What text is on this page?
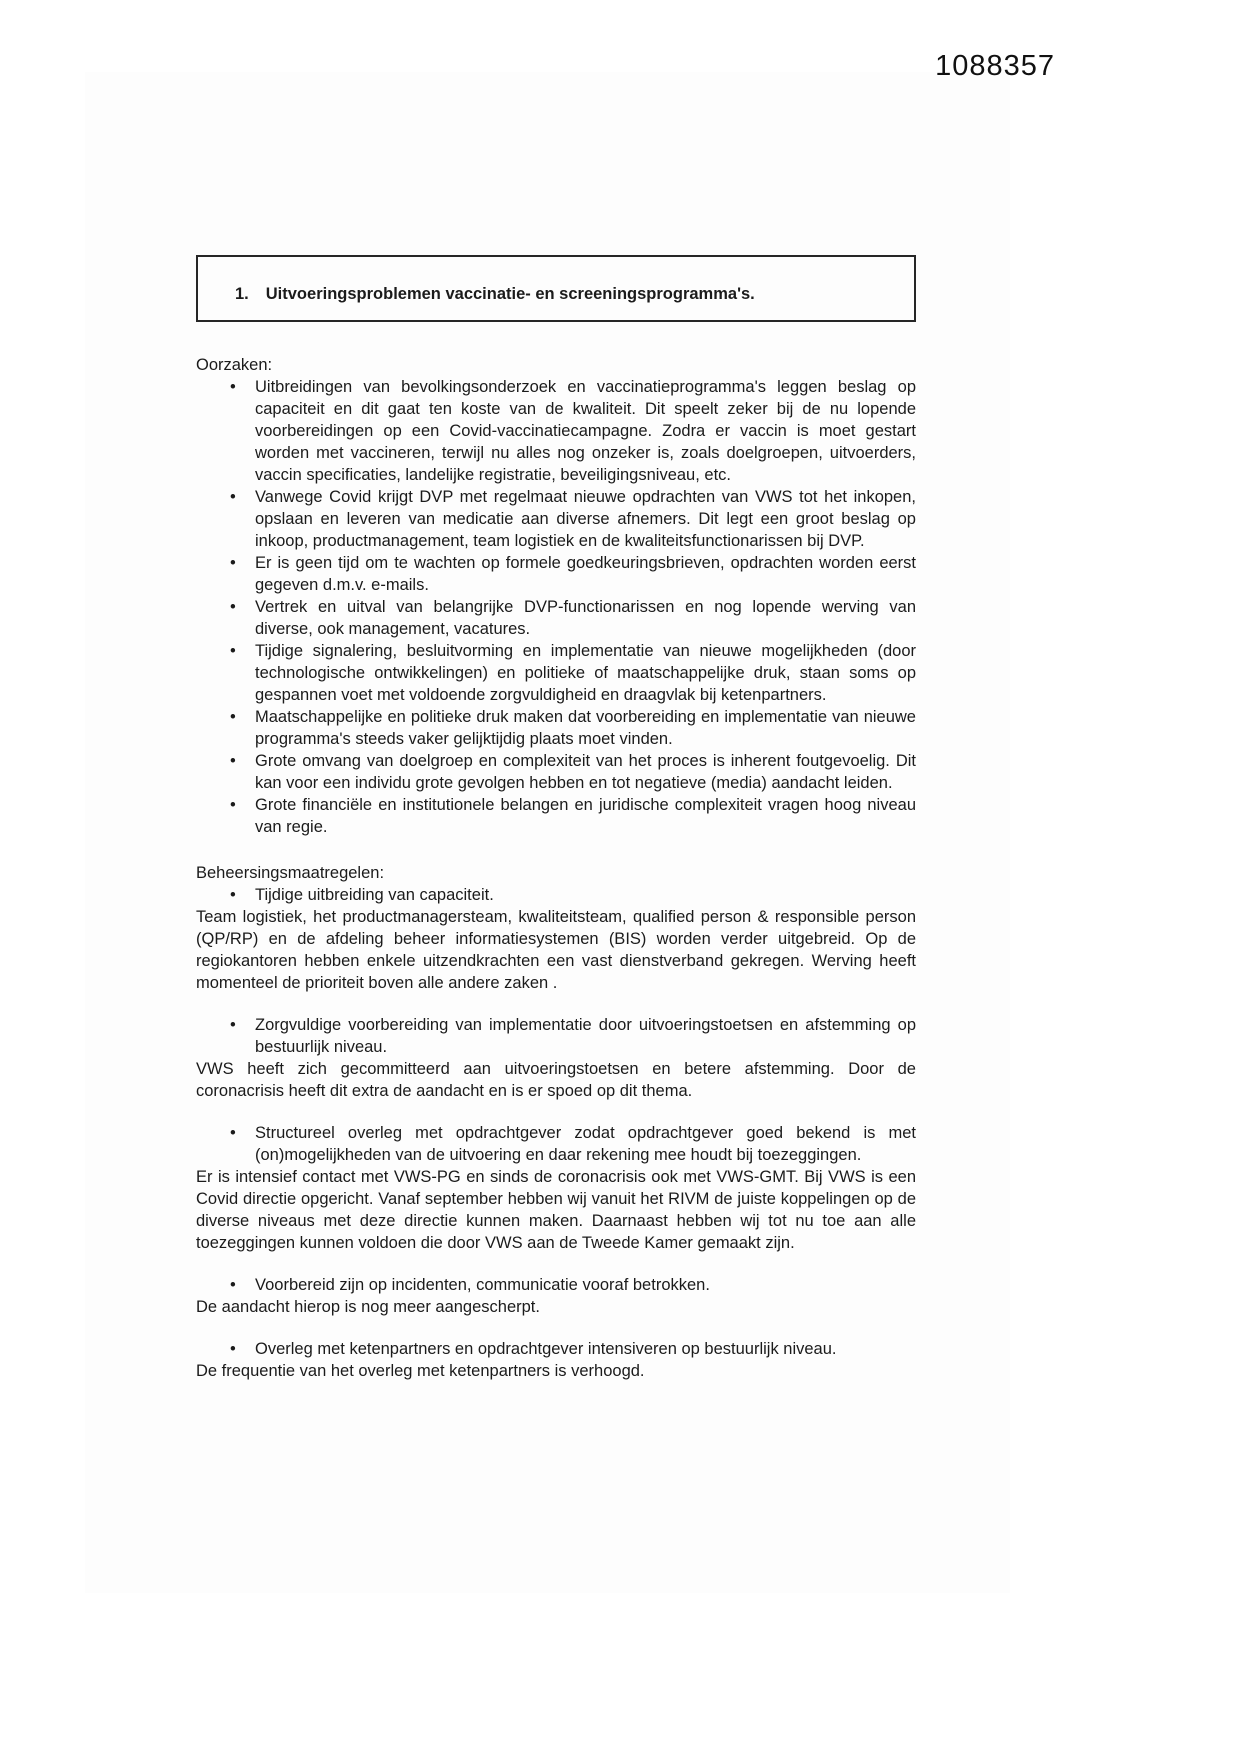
1088357
1. Uitvoeringsproblemen vaccinatie- en screeningsprogramma's.
Oorzaken:
• Uitbreidingen van bevolkingsonderzoek en vaccinatieprogramma's leggen beslag op capaciteit en dit gaat ten koste van de kwaliteit. Dit speelt zeker bij de nu lopende voorbereidingen op een Covid-vaccinatiecampagne. Zodra er vaccin is moet gestart worden met vaccineren, terwijl nu alles nog onzeker is, zoals doelgroepen, uitvoerders, vaccin specificaties, landelijke registratie, beveiligingsniveau, etc.
• Vanwege Covid krijgt DVP met regelmaat nieuwe opdrachten van VWS tot het inkopen, opslaan en leveren van medicatie aan diverse afnemers. Dit legt een groot beslag op inkoop, productmanagement, team logistiek en de kwaliteitsfunctionarissen bij DVP.
• Er is geen tijd om te wachten op formele goedkeuringsbrieven, opdrachten worden eerst gegeven d.m.v. e-mails.
• Vertrek en uitval van belangrijke DVP-functionarissen en nog lopende werving van diverse, ook management, vacatures.
• Tijdige signalering, besluitvorming en implementatie van nieuwe mogelijkheden (door technologische ontwikkelingen) en politieke of maatschappelijke druk, staan soms op gespannen voet met voldoende zorgvuldigheid en draagvlak bij ketenpartners.
• Maatschappelijke en politieke druk maken dat voorbereiding en implementatie van nieuwe programma's steeds vaker gelijktijdig plaats moet vinden.
• Grote omvang van doelgroep en complexiteit van het proces is inherent foutgevoelig. Dit kan voor een individu grote gevolgen hebben en tot negatieve (media) aandacht leiden.
• Grote financiële en institutionele belangen en juridische complexiteit vragen hoog niveau van regie.
Beheersingsmaatregelen:
• Tijdige uitbreiding van capaciteit.

Team logistiek, het productmanagersteam, kwaliteitsteam, qualified person & responsible person (QP/RP) en de afdeling beheer informatiesystemen (BIS) worden verder uitgebreid. Op de regiokantoren hebben enkele uitzendkrachten een vast dienstverband gekregen. Werving heeft momenteel de prioriteit boven alle andere zaken .

• Zorgvuldige voorbereiding van implementatie door uitvoeringstoetsen en afstemming op bestuurlijk niveau.

VWS heeft zich gecommitteerd aan uitvoeringstoetsen en betere afstemming. Door de coronacrisis heeft dit extra de aandacht en is er spoed op dit thema.

• Structureel overleg met opdrachtgever zodat opdrachtgever goed bekend is met (on)mogelijkheden van de uitvoering en daar rekening mee houdt bij toezeggingen.

Er is intensief contact met VWS-PG en sinds de coronacrisis ook met VWS-GMT. Bij VWS is een Covid directie opgericht. Vanaf september hebben wij vanuit het RIVM de juiste koppelingen op de diverse niveaus met deze directie kunnen maken. Daarnaast hebben wij tot nu toe aan alle toezeggingen kunnen voldoen die door VWS aan de Tweede Kamer gemaakt zijn.

• Voorbereid zijn op incidenten, communicatie vooraf betrokken.

De aandacht hierop is nog meer aangescherpt.

• Overleg met ketenpartners en opdrachtgever intensiveren op bestuurlijk niveau.

De frequentie van het overleg met ketenpartners is verhoogd.
